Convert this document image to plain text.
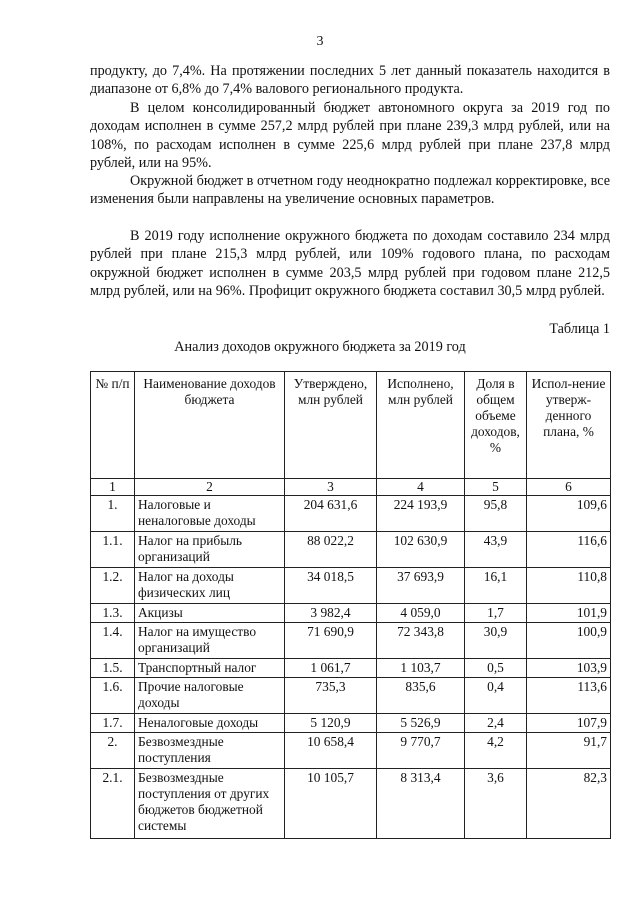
3

продукту, до 7,4%. На протяжении последних 5 лет данный показатель находится в диапазоне от 6,8% до 7,4% валового регионального продукта.

В целом консолидированный бюджет автономного округа за 2019 год по доходам исполнен в сумме 257,2 млрд рублей при плане 239,3 млрд рублей, или на 108%, по расходам исполнен в сумме 225,6 млрд рублей при плане 237,8 млрд рублей, или на 95%.

Окружной бюджет в отчетном году неоднократно подлежал корректировке, все изменения были направлены на увеличение основных параметров.

В 2019 году исполнение окружного бюджета по доходам составило 234 млрд рублей при плане 215,3 млрд рублей, или 109% годового плана, по расходам окружной бюджет исполнен в сумме 203,5 млрд рублей при годовом плане 212,5 млрд рублей, или на 96%. Профицит окружного бюджета составил 30,5 млрд рублей.

Таблица 1
Анализ доходов окружного бюджета за 2019 год
№ п/п	Наименование доходов бюджета	Утверждено, млн рублей	Исполнено, млн рублей	Доля в общем объеме доходов, %	Испол-нение утверж-денного плана, %
1	2	3	4	5	6
1.	Налоговые и неналоговые доходы	204 631,6	224 193,9	95,8	109,6
1.1.	Налог на прибыль организаций	88 022,2	102 630,9	43,9	116,6
1.2.	Налог на доходы физических лиц	34 018,5	37 693,9	16,1	110,8
1.3.	Акцизы	3 982,4	4 059,0	1,7	101,9
1.4.	Налог на имущество организаций	71 690,9	72 343,8	30,9	100,9
1.5.	Транспортный налог	1 061,7	1 103,7	0,5	103,9
1.6.	Прочие налоговые доходы	735,3	835,6	0,4	113,6
1.7.	Неналоговые доходы	5 120,9	5 526,9	2,4	107,9
2.	Безвозмездные поступления	10 658,4	9 770,7	4,2	91,7
2.1.	Безвозмездные поступления от других бюджетов бюджетной системы	10 105,7	8 313,4	3,6	82,3
